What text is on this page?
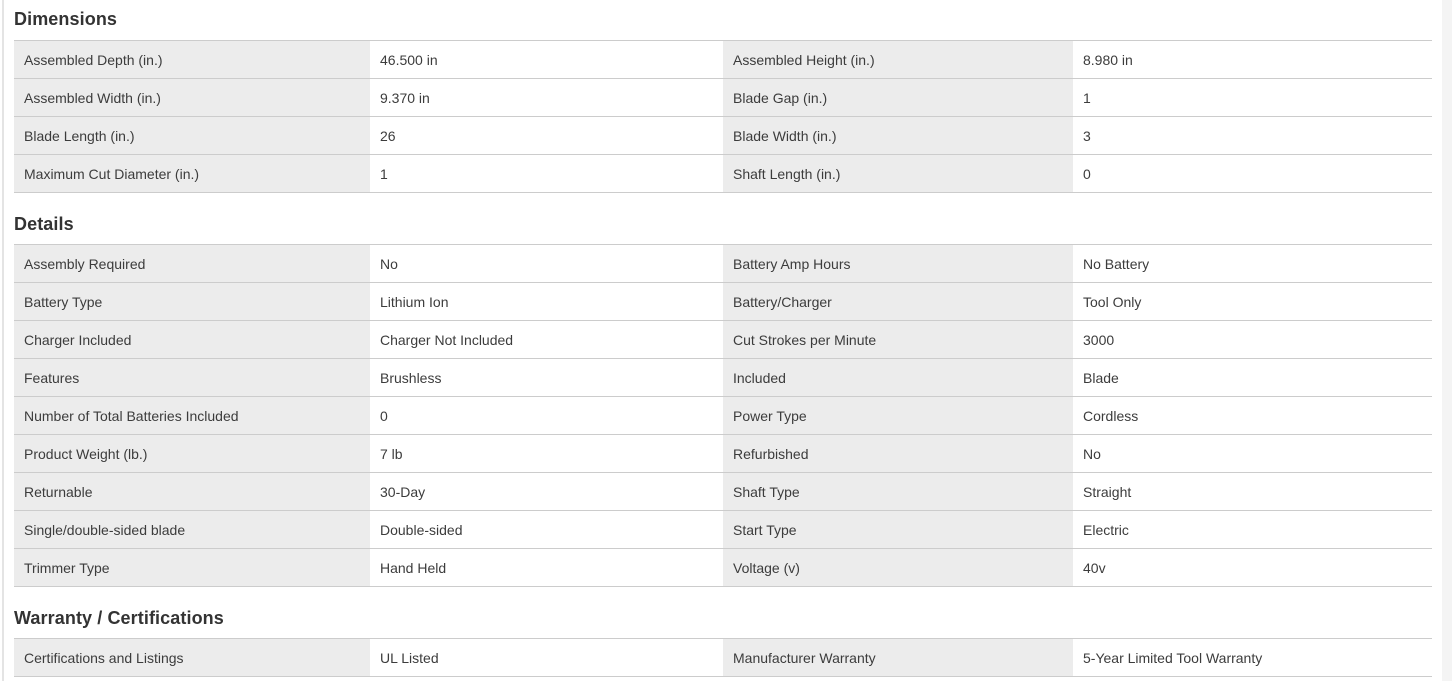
Dimensions
Assembled Depth (in.)	46.500 in	Assembled Height (in.)	8.980 in
Assembled Width (in.)	9.370 in	Blade Gap (in.)	1
Blade Length (in.)	26	Blade Width (in.)	3
Maximum Cut Diameter (in.)	1	Shaft Length (in.)	0
Details
Assembly Required	No	Battery Amp Hours	No Battery
Battery Type	Lithium Ion	Battery/Charger	Tool Only
Charger Included	Charger Not Included	Cut Strokes per Minute	3000
Features	Brushless	Included	Blade
Number of Total Batteries Included	0	Power Type	Cordless
Product Weight (lb.)	7 lb	Refurbished	No
Returnable	30-Day	Shaft Type	Straight
Single/double-sided blade	Double-sided	Start Type	Electric
Trimmer Type	Hand Held	Voltage (v)	40v
Warranty / Certifications
Certifications and Listings	UL Listed	Manufacturer Warranty	5-Year Limited Tool Warranty
